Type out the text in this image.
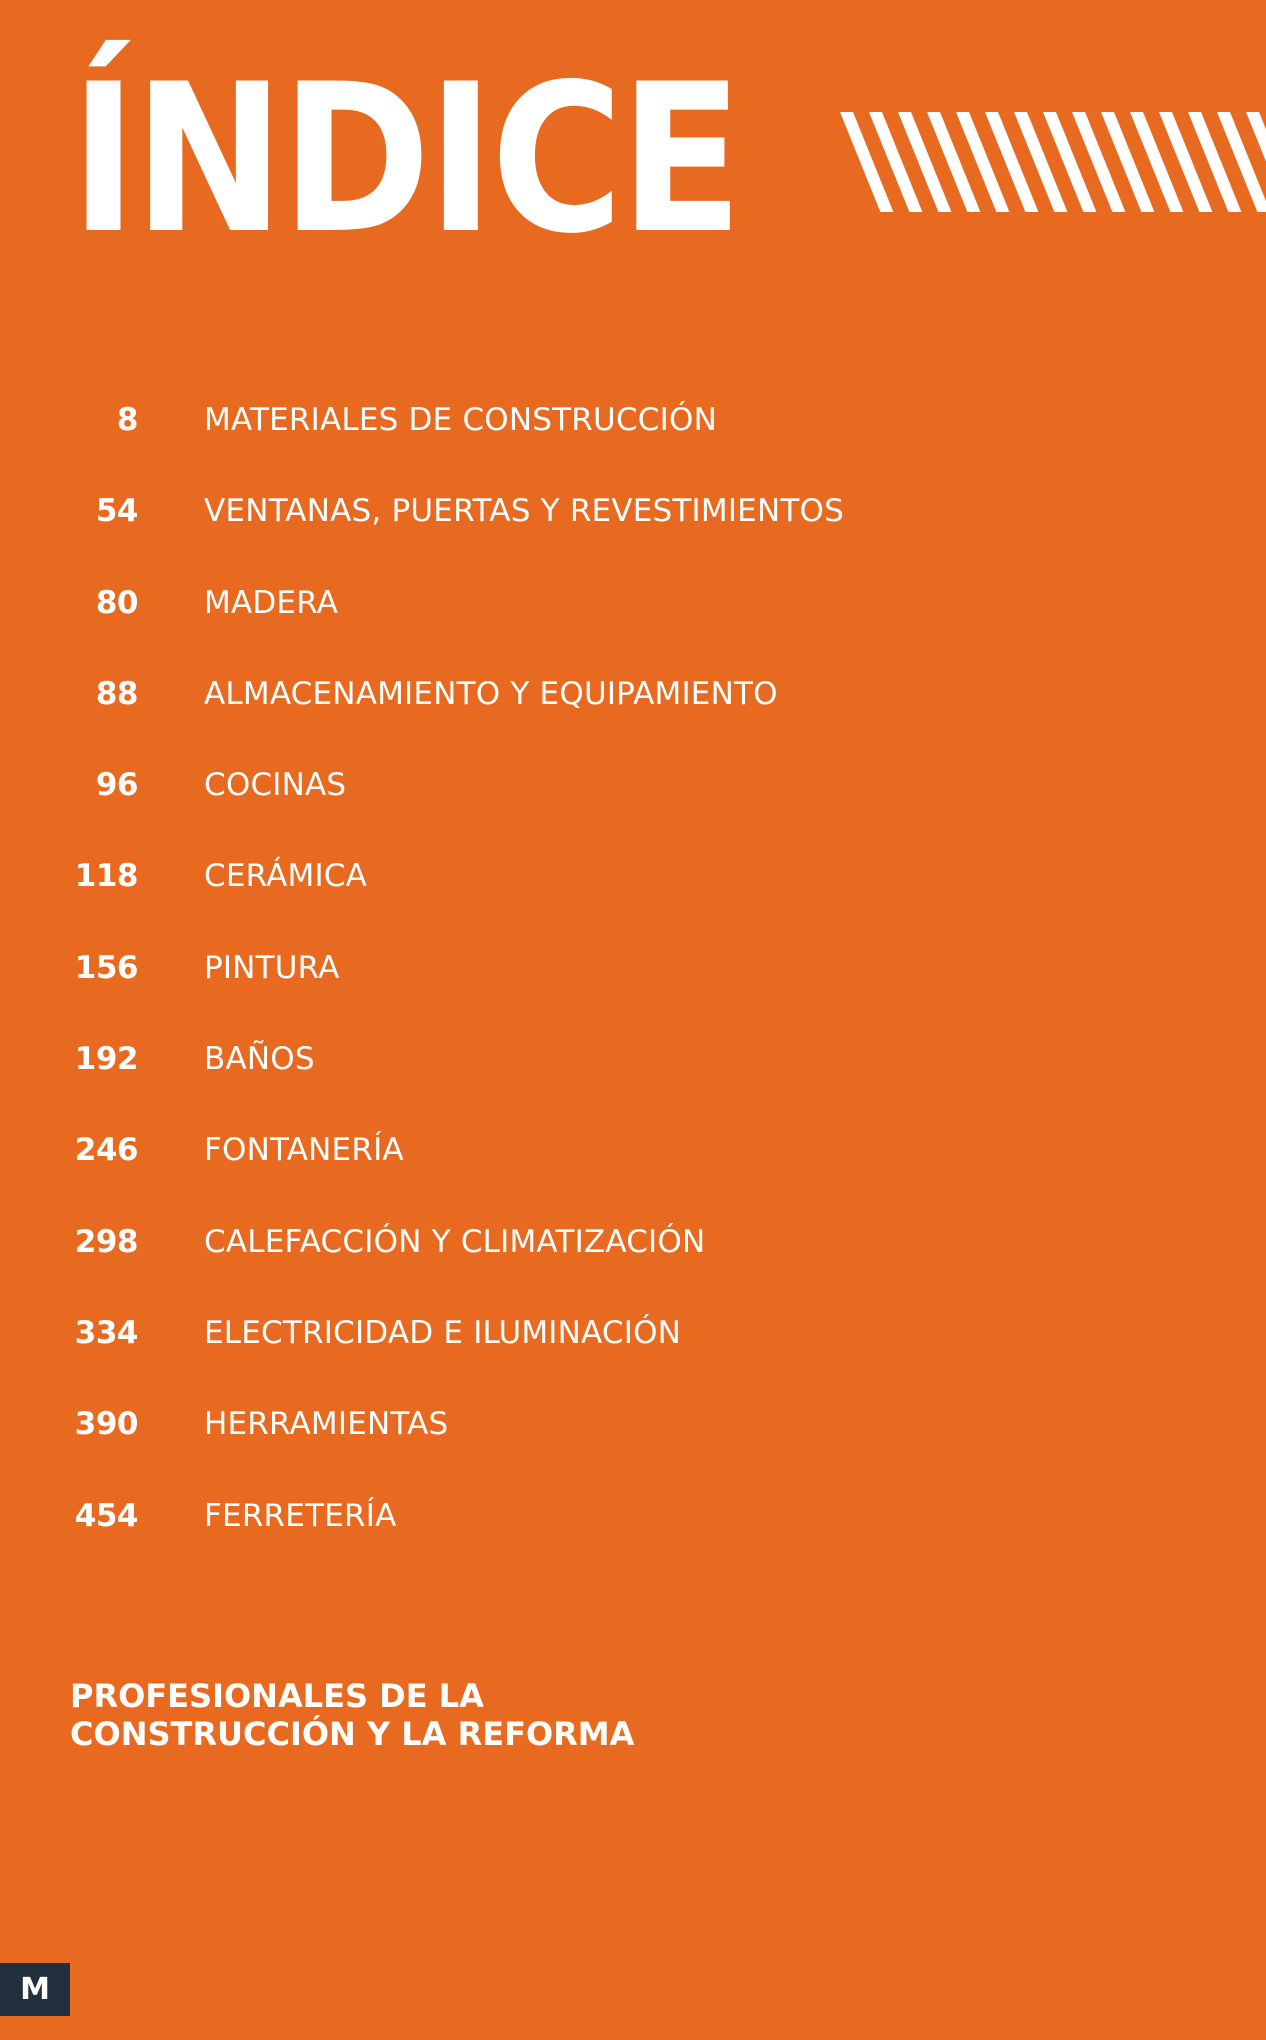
ÍNDICE
8 MATERIALES DE CONSTRUCCIÓN
54 VENTANAS, PUERTAS Y REVESTIMIENTOS
80 MADERA
88 ALMACENAMIENTO Y EQUIPAMIENTO
96 COCINAS
118 CERÁMICA
156 PINTURA
192 BAÑOS
246 FONTANERÍA
298 CALEFACCIÓN Y CLIMATIZACIÓN
334 ELECTRICIDAD E ILUMINACIÓN
390 HERRAMIENTAS
454 FERRETERÍA
PROFESIONALES DE LA
CONSTRUCCIÓN Y LA REFORMA
M
